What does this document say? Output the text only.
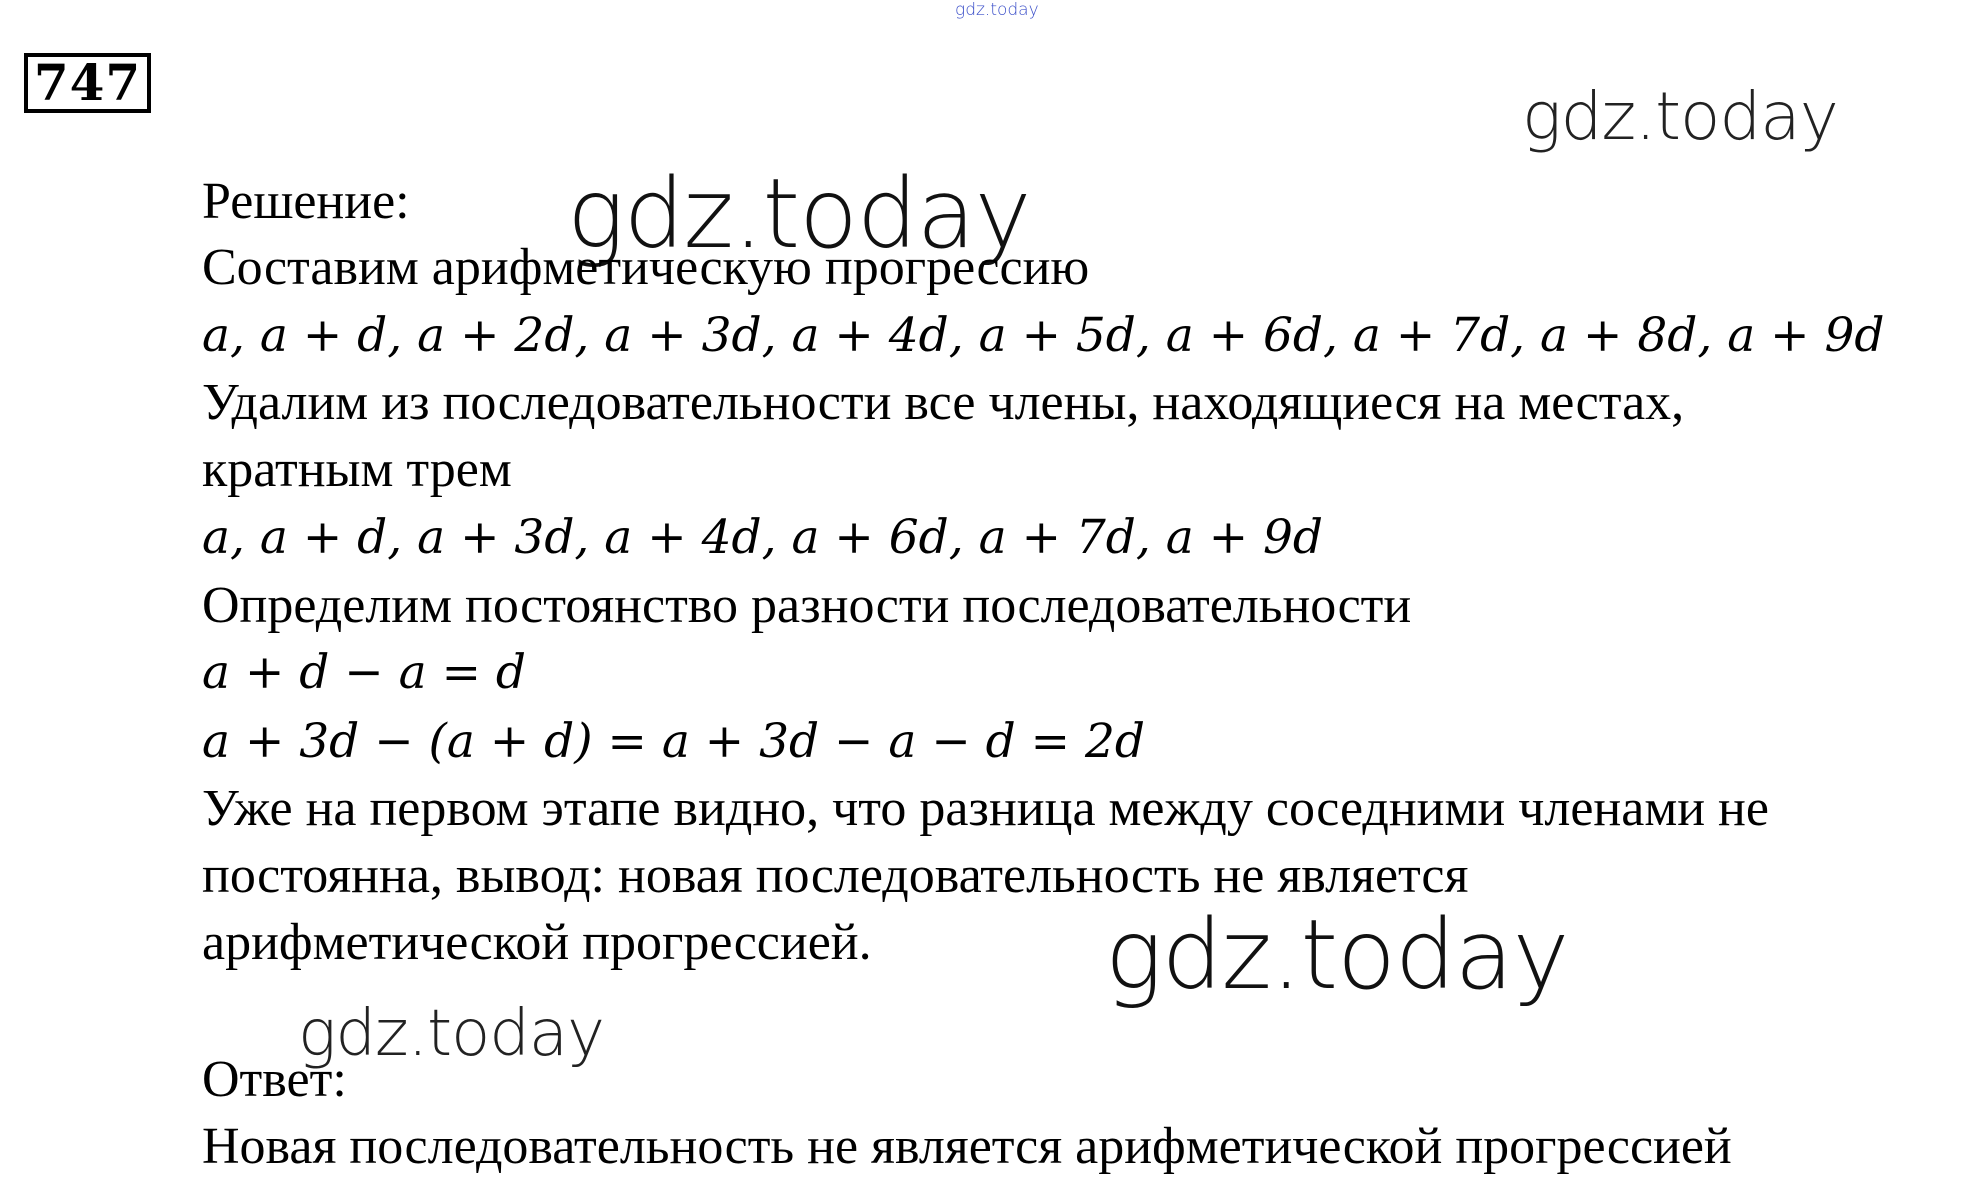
gdz.today
747	gdz.today
Решение: gdz.today
Составим арифметическую прогрессию
a, a + d, a + 2d, a + 3d, a + 4d, a + 5d, a + 6d, a + 7d, a + 8d, a + 9d
Удалим из последовательности все члены, находящиеся на местах,
кратным трем
a, a + d, a + 3d, a + 4d, a + 6d, a + 7d, a + 9d
Определим постоянство разности последовательности
a + d − a = d
a + 3d − (a + d) = a + 3d − a − d = 2d
Уже на первом этапе видно, что разница между соседними членами не
постоянна, вывод: новая последовательность не является
арифметической прогрессией. gdz.today
gdz.today
Ответ:
Новая последовательность не является арифметической прогрессией
